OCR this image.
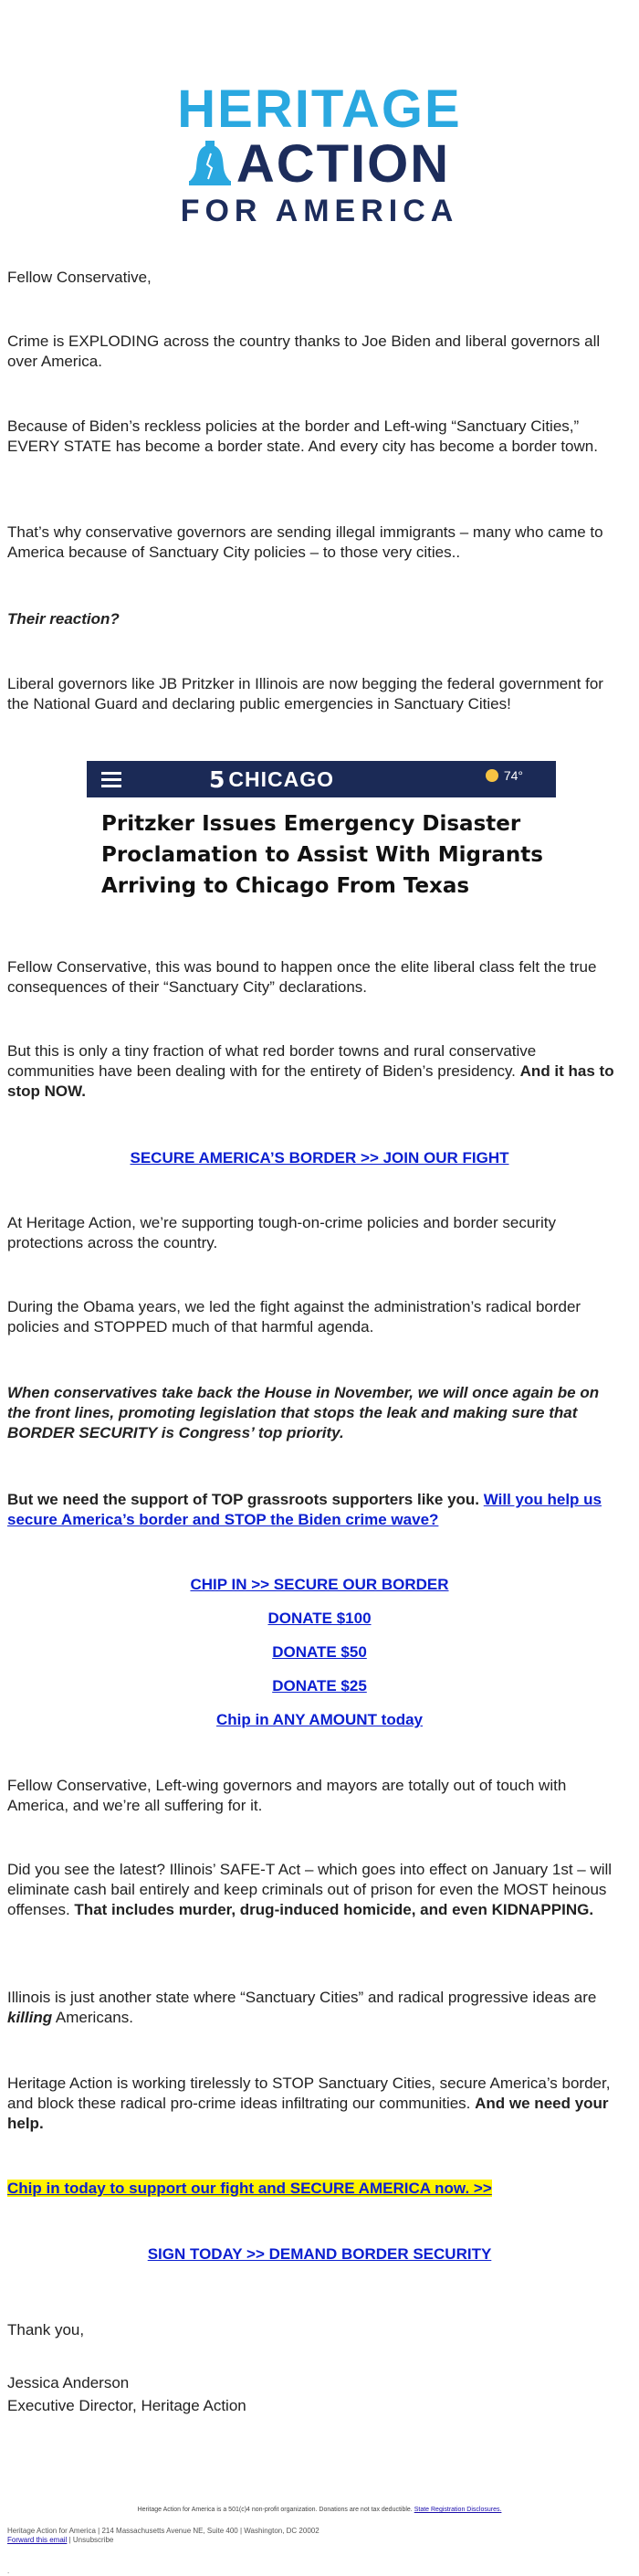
HERITAGE
ACTION
FOR AMERICA

Fellow Conservative,

Crime is EXPLODING across the country thanks to Joe Biden and liberal governors all over America.

Because of Biden’s reckless policies at the border and Left-wing “Sanctuary Cities,” EVERY STATE has become a border state. And every city has become a border town.

That’s why conservative governors are sending illegal immigrants – many who came to America because of Sanctuary City policies – to those very cities..

Their reaction?

Liberal governors like JB Pritzker in Illinois are now begging the federal government for the National Guard and declaring public emergencies in Sanctuary Cities!

5 CHICAGO	74°
Pritzker Issues Emergency Disaster Proclamation to Assist With Migrants Arriving to Chicago From Texas

Fellow Conservative, this was bound to happen once the elite liberal class felt the true consequences of their “Sanctuary City” declarations.

But this is only a tiny fraction of what red border towns and rural conservative communities have been dealing with for the entirety of Biden’s presidency. And it has to stop NOW.

SECURE AMERICA’S BORDER >> JOIN OUR FIGHT

At Heritage Action, we’re supporting tough-on-crime policies and border security protections across the country.

During the Obama years, we led the fight against the administration’s radical border policies and STOPPED much of that harmful agenda.

When conservatives take back the House in November, we will once again be on the front lines, promoting legislation that stops the leak and making sure that BORDER SECURITY is Congress’ top priority.

But we need the support of TOP grassroots supporters like you. Will you help us secure America’s border and STOP the Biden crime wave?

CHIP IN >> SECURE OUR BORDER

DONATE $100

DONATE $50

DONATE $25

Chip in ANY AMOUNT today

Fellow Conservative, Left-wing governors and mayors are totally out of touch with America, and we’re all suffering for it.

Did you see the latest? Illinois’ SAFE-T Act – which goes into effect on January 1st – will eliminate cash bail entirely and keep criminals out of prison for even the MOST heinous offenses. That includes murder, drug-induced homicide, and even KIDNAPPING.

Illinois is just another state where “Sanctuary Cities” and radical progressive ideas are killing Americans.

Heritage Action is working tirelessly to STOP Sanctuary Cities, secure America’s border, and block these radical pro-crime ideas infiltrating our communities. And we need your help.

Chip in today to support our fight and SECURE AMERICA now. >>

SIGN TODAY >> DEMAND BORDER SECURITY

Thank you,

Jessica Anderson

Executive Director, Heritage Action

Heritage Action for America is a 501(c)4 non-profit organization. Donations are not tax deductible. State Registration Disclosures.
Heritage Action for America | 214 Massachusetts Avenue NE, Suite 400 | Washington, DC 20002
Forward this email | Unsubscribe
.
